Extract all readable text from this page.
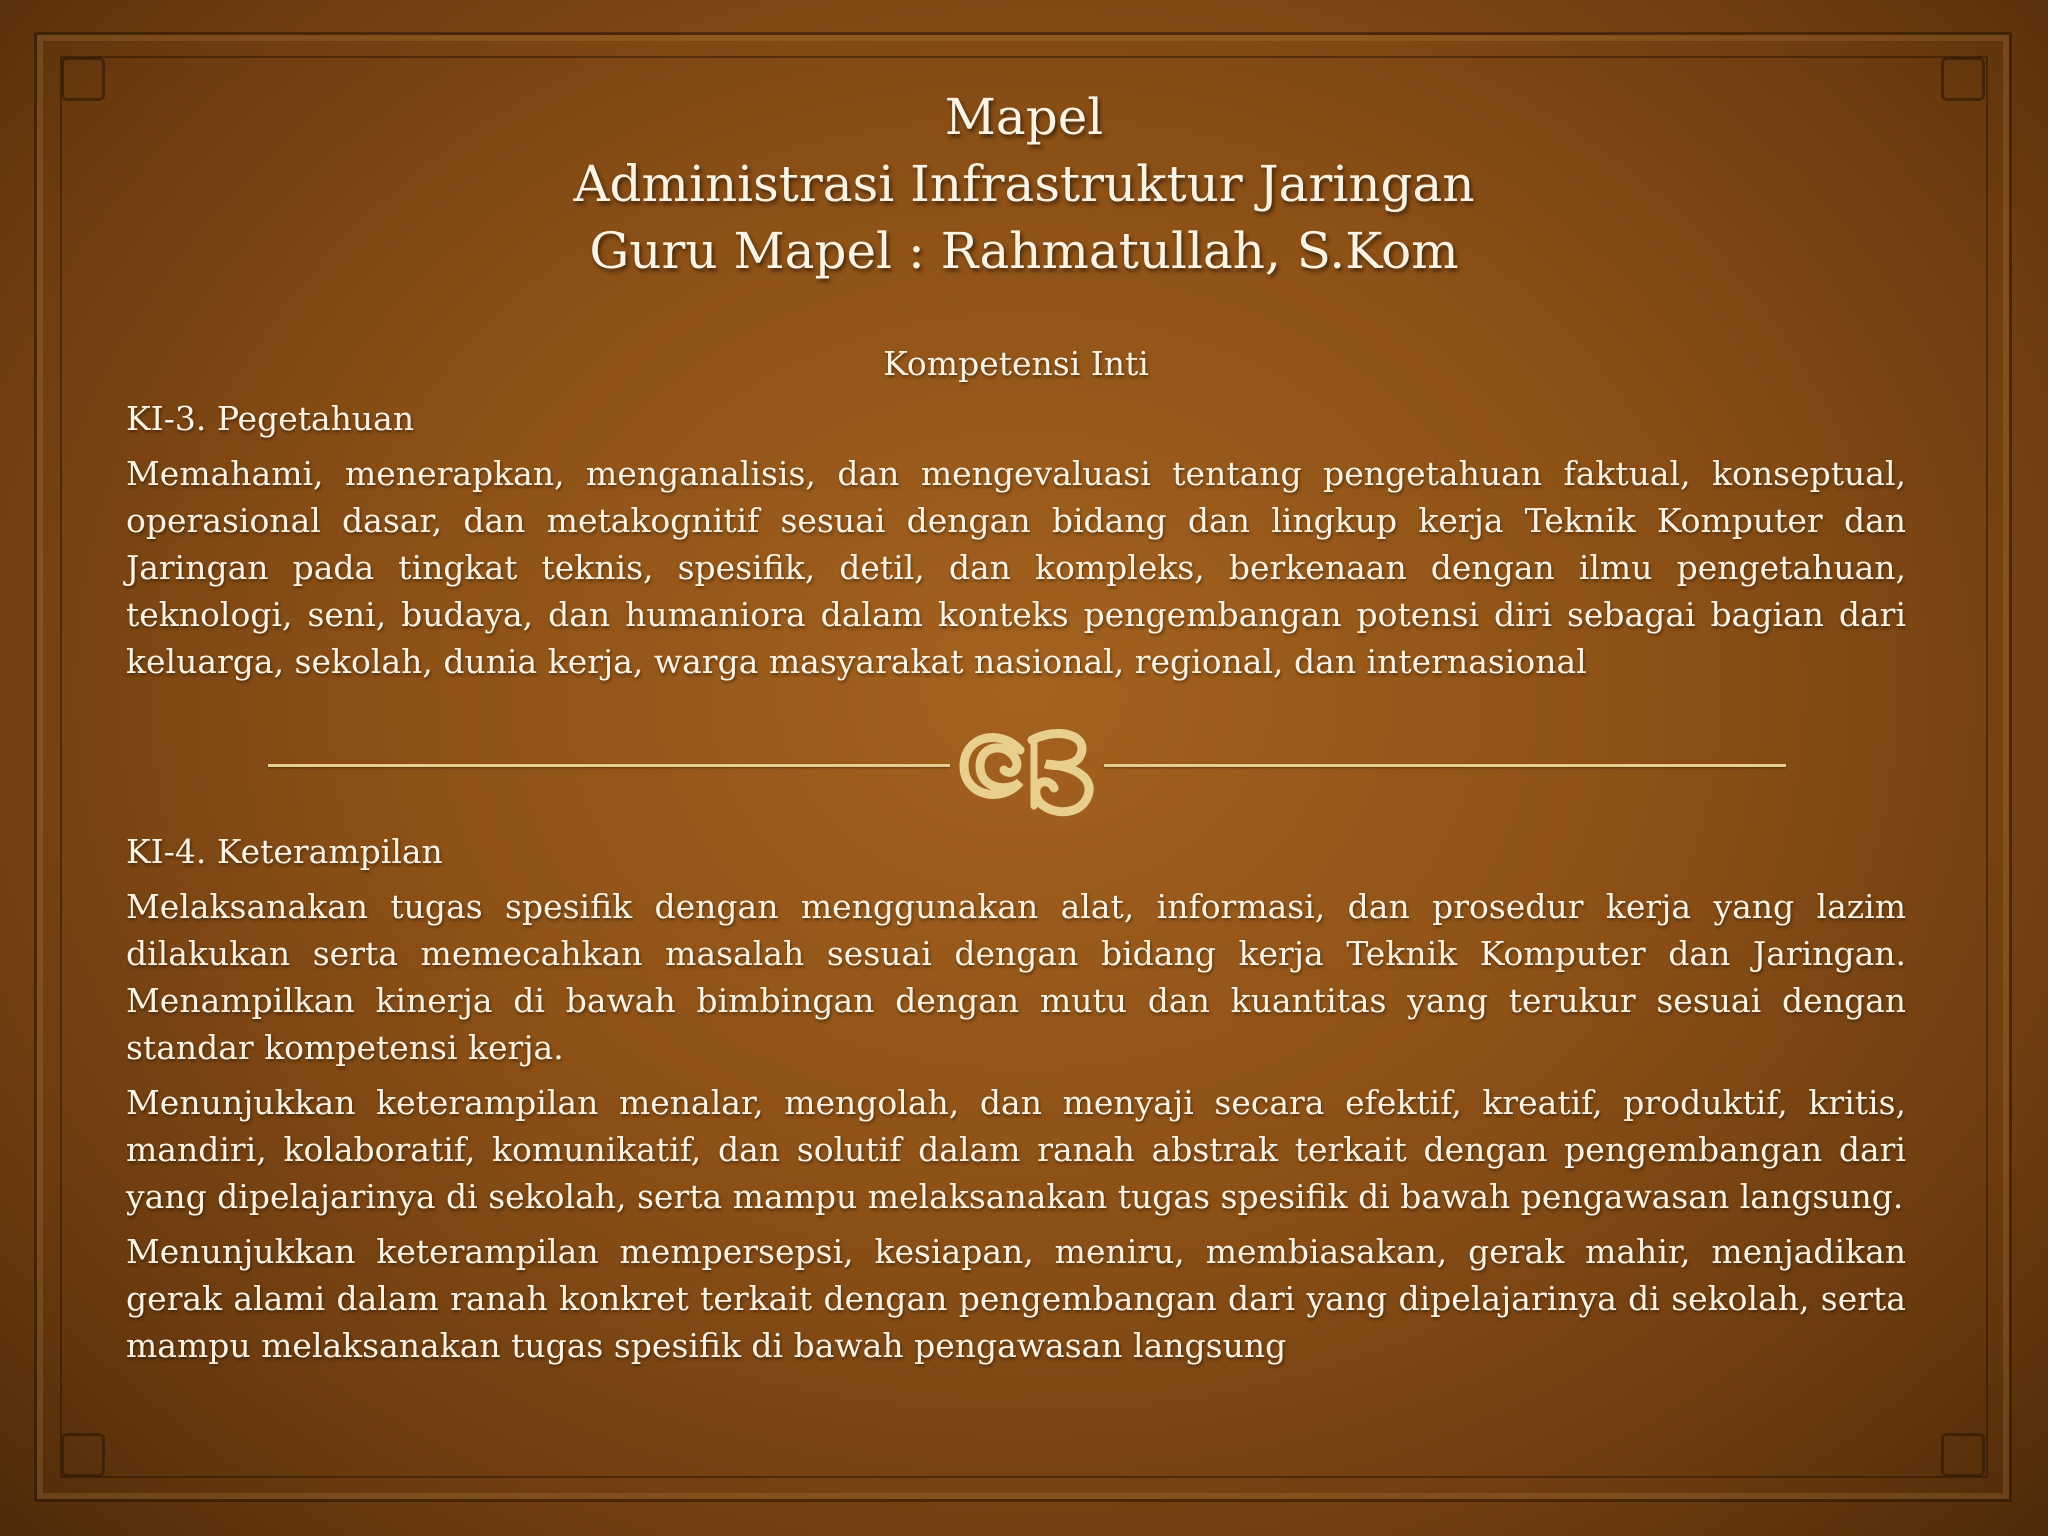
Mapel
Administrasi Infrastruktur Jaringan
Guru Mapel : Rahmatullah, S.Kom
Kompetensi Inti
KI-3. Pegetahuan
Memahami, menerapkan, menganalisis, dan mengevaluasi tentang pengetahuan faktual, konseptual, operasional dasar, dan metakognitif sesuai dengan bidang dan lingkup kerja Teknik Komputer dan Jaringan pada tingkat teknis, spesifik, detil, dan kompleks, berkenaan dengan ilmu pengetahuan, teknologi, seni, budaya, dan humaniora dalam konteks pengembangan potensi diri sebagai bagian dari keluarga, sekolah, dunia kerja, warga masyarakat nasional, regional, dan internasional
KI-4. Keterampilan
Melaksanakan tugas spesifik dengan menggunakan alat, informasi, dan prosedur kerja yang lazim dilakukan serta memecahkan masalah sesuai dengan bidang kerja Teknik Komputer dan Jaringan. Menampilkan kinerja di bawah bimbingan dengan mutu dan kuantitas yang terukur sesuai dengan standar kompetensi kerja.
Menunjukkan keterampilan menalar, mengolah, dan menyaji secara efektif, kreatif, produktif, kritis, mandiri, kolaboratif, komunikatif, dan solutif dalam ranah abstrak terkait dengan pengembangan dari yang dipelajarinya di sekolah, serta mampu melaksanakan tugas spesifik di bawah pengawasan langsung.
Menunjukkan keterampilan mempersepsi, kesiapan, meniru, membiasakan, gerak mahir, menjadikan gerak alami dalam ranah konkret terkait dengan pengembangan dari yang dipelajarinya di sekolah, serta mampu melaksanakan tugas spesifik di bawah pengawasan langsung
